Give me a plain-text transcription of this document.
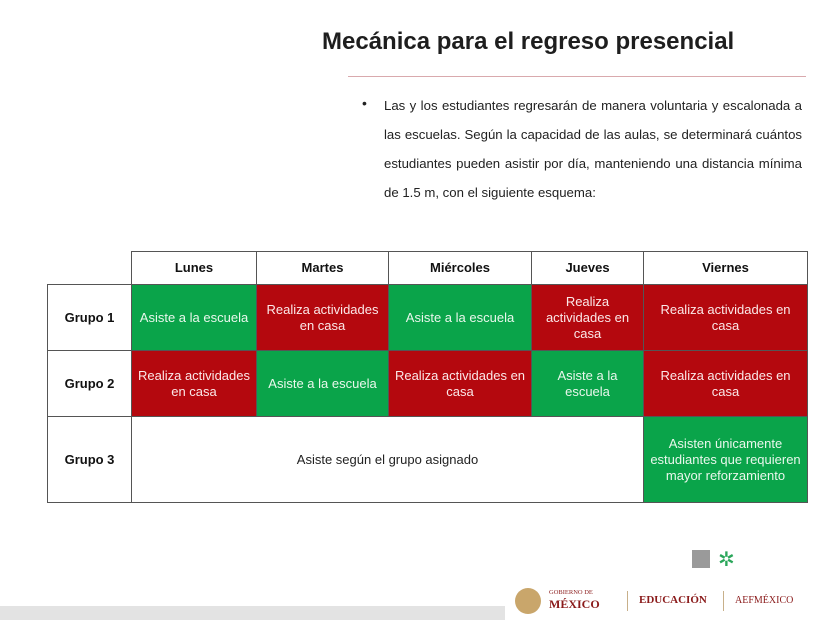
Mecánica para el regreso presencial
• Las y los estudiantes regresarán de manera voluntaria y escalonada a las escuelas. Según la capacidad de las aulas, se determinará cuántos estudiantes pueden asistir por día, manteniendo una distancia mínima de 1.5 m, con el siguiente esquema:
	Lunes	Martes	Miércoles	Jueves	Viernes
Grupo 1	Asiste a la escuela	Realiza actividades en casa	Asiste a la escuela	Realiza actividades en casa	Realiza actividades en casa
Grupo 2	Realiza actividades en casa	Asiste a la escuela	Realiza actividades en casa	Asiste a la escuela	Realiza actividades en casa
Grupo 3	Asiste según el grupo asignado				Asisten únicamente estudiantes que requieren mayor reforzamiento
✲
GOBIERNO DE
MÉXICO	EDUCACIÓN	AEFMÉXICO
